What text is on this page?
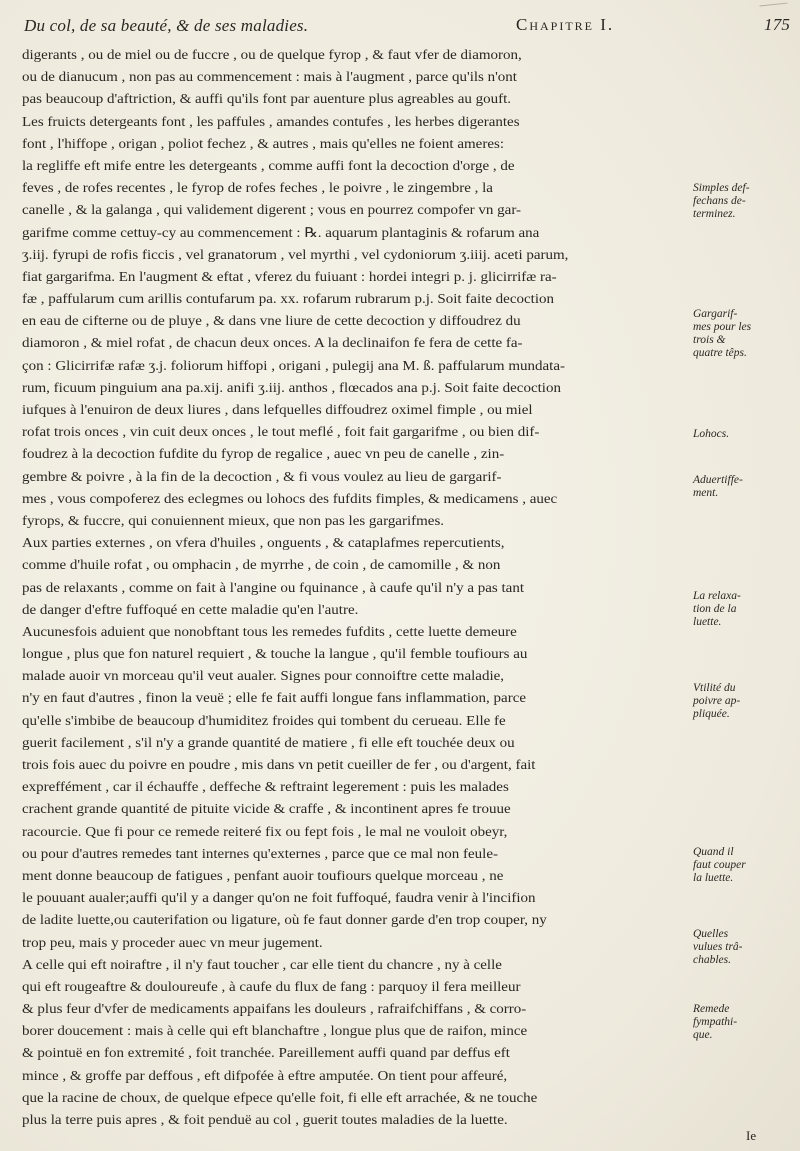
Du col, de sa beauté, & de ses maladies.	Chapitre I.	175
digerants , ou de miel ou de fuccre , ou de quelque fyrop , & faut vfer de diamoron,
ou de dianucum , non pas au commencement : mais à l'augment , parce qu'ils n'ont
pas beaucoup d'aftriction, & auffi qu'ils font par auenture plus agreables au gouft.
Les fruicts detergeants font , les paffules , amandes contufes , les herbes digerantes
font , l'hiffope , origan , poliot fechez , & autres , mais qu'elles ne foient ameres:
la regliffe eft mife entre les detergeants , comme auffi font la decoction d'orge , de
feves , de rofes recentes , le fyrop de rofes feches , le poivre , le zingembre , la
canelle , & la galanga , qui validement digerent ; vous en pourrez compofer vn gar-
garifme comme cettuy-cy au commencement : ℞. aquarum plantaginis & rofarum ana
ʒ.iij. fyrupi de rofis ficcis , vel granatorum , vel myrthi , vel cydoniorum ʒ.iiij. aceti parum,
fiat gargarifma. En l'augment & eftat , vferez du fuiuant : hordei integri p. j. glicirrifæ ra-
fæ , paffularum cum arillis contufarum pa. xx. rofarum rubrarum p.j. Soit faite decoction
en eau de cifterne ou de pluye , & dans vne liure de cette decoction y diffoudrez du
diamoron , & miel rofat , de chacun deux onces. A la declinaifon fe fera de cette fa-
çon : Glicirrifæ rafæ ʒ.j. foliorum hiffopi , origani , pulegij ana M. ß. paffularum mundata-
rum, ficuum pinguium ana pa.xij. anifi ʒ.iij. anthos , flœcados ana p.j. Soit faite decoction
iufques à l'enuiron de deux liures , dans lefquelles diffoudrez oximel fimple , ou miel
rofat trois onces , vin cuit deux onces , le tout meflé , foit fait gargarifme , ou bien dif-
foudrez à la decoction fufdite du fyrop de regalice , auec vn peu de canelle , zin-
gembre & poivre , à la fin de la decoction , & fi vous voulez au lieu de gargarif-
mes , vous compoferez des eclegmes ou lohocs des fufdits fimples, & medicamens , auec
fyrops, & fuccre, qui conuiennent mieux, que non pas les gargarifmes.
Aux parties externes , on vfera d'huiles , onguents , & cataplafmes repercutients,
comme d'huile rofat , ou omphacin , de myrrhe , de coin , de camomille , & non
pas de relaxants , comme on fait à l'angine ou fquinance , à caufe qu'il n'y a pas tant
de danger d'eftre fuffoqué en cette maladie qu'en l'autre.
Aucunesfois aduient que nonobftant tous les remedes fufdits , cette luette demeure
longue , plus que fon naturel requiert , & touche la langue , qu'il femble toufiours au
malade auoir vn morceau qu'il veut aualer. Signes pour connoiftre cette maladie,
n'y en faut d'autres , finon la veuë ; elle fe fait auffi longue fans inflammation, parce
qu'elle s'imbibe de beaucoup d'humiditez froides qui tombent du cerueau. Elle fe
guerit facilement , s'il n'y a grande quantité de matiere , fi elle eft touchée deux ou
trois fois auec du poivre en poudre , mis dans vn petit cueiller de fer , ou d'argent, fait
expreffément , car il échauffe , deffeche & reftraint legerement : puis les malades
crachent grande quantité de pituite vicide & craffe , & incontinent apres fe trouue
racourcie. Que fi pour ce remede reiteré fix ou fept fois , le mal ne vouloit obeyr,
ou pour d'autres remedes tant internes qu'externes , parce que ce mal non feule-
ment donne beaucoup de fatigues , penfant auoir toufiours quelque morceau , ne
le pouuant aualer;auffi qu'il y a danger qu'on ne foit fuffoqué, faudra venir à l'incifion
de ladite luette,ou cauterifation ou ligature, où fe faut donner garde d'en trop couper, ny
trop peu, mais y proceder auec vn meur jugement.
A celle qui eft noiraftre , il n'y faut toucher , car elle tient du chancre , ny à celle
qui eft rougeaftre & douloureufe , à caufe du flux de fang : parquoy il fera meilleur
& plus feur d'vfer de medicaments appaifans les douleurs , rafraifchiffans , & corro-
borer doucement : mais à celle qui eft blanchaftre , longue plus que de raifon, mince
& pointuë en fon extremité , foit tranchée. Pareillement auffi quand par deffus eft
mince , & groffe par deffous , eft difpofée à eftre amputée. On tient pour affeuré,
que la racine de choux, de quelque efpece qu'elle foit, fi elle eft arrachée, & ne touche
plus la terre puis apres , & foit penduë au col , guerit toutes maladies de la luette.
Simples def-
fechans de-
terminez.
Gargarif-
mes pour les
trois &
quatre têps.
Lohocs.
Aduertiffe-
ment.
La relaxa-
tion de la
luette.
Vtilité du
poivre ap-
pliquée.
Quand il
faut couper
la luette.
Quelles
vulues trâ-
chables.
Remede
fympathi-
que.
Ie
